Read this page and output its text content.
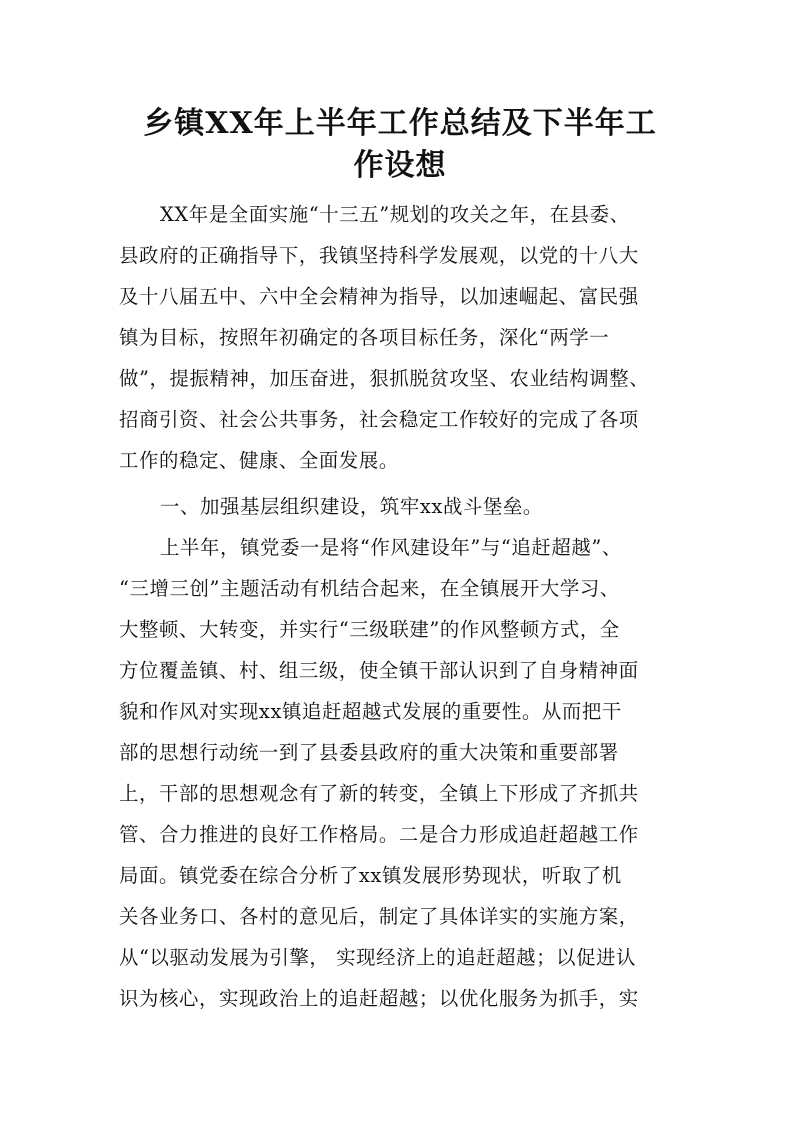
乡镇XX年上半年工作总结及下半年工
作设想
XX年是全面实施“十三五”规划的攻关之年，在县委、
县政府的正确指导下，我镇坚持科学发展观，以党的十八大
及十八届五中、六中全会精神为指导，以加速崛起、富民强
镇为目标，按照年初确定的各项目标任务，深化“两学一
做”，提振精神，加压奋进，狠抓脱贫攻坚、农业结构调整、
招商引资、社会公共事务，社会稳定工作较好的完成了各项
工作的稳定、健康、全面发展。
一、加强基层组织建设，筑牢xx战斗堡垒。
上半年，镇党委一是将“作风建设年”与“追赶超越”、
“三增三创”主题活动有机结合起来，在全镇展开大学习、
大整顿、大转变，并实行“三级联建”的作风整顿方式，全
方位覆盖镇、村、组三级，使全镇干部认识到了自身精神面
貌和作风对实现xx镇追赶超越式发展的重要性。从而把干
部的思想行动统一到了县委县政府的重大决策和重要部署
上，干部的思想观念有了新的转变，全镇上下形成了齐抓共
管、合力推进的良好工作格局。二是合力形成追赶超越工作
局面。镇党委在综合分析了xx镇发展形势现状，听取了机
关各业务口、各村的意见后，制定了具体详实的实施方案，
从“以驱动发展为引擎， 实现经济上的追赶超越；以促进认
识为核心，实现政治上的追赶超越；以优化服务为抓手，实
